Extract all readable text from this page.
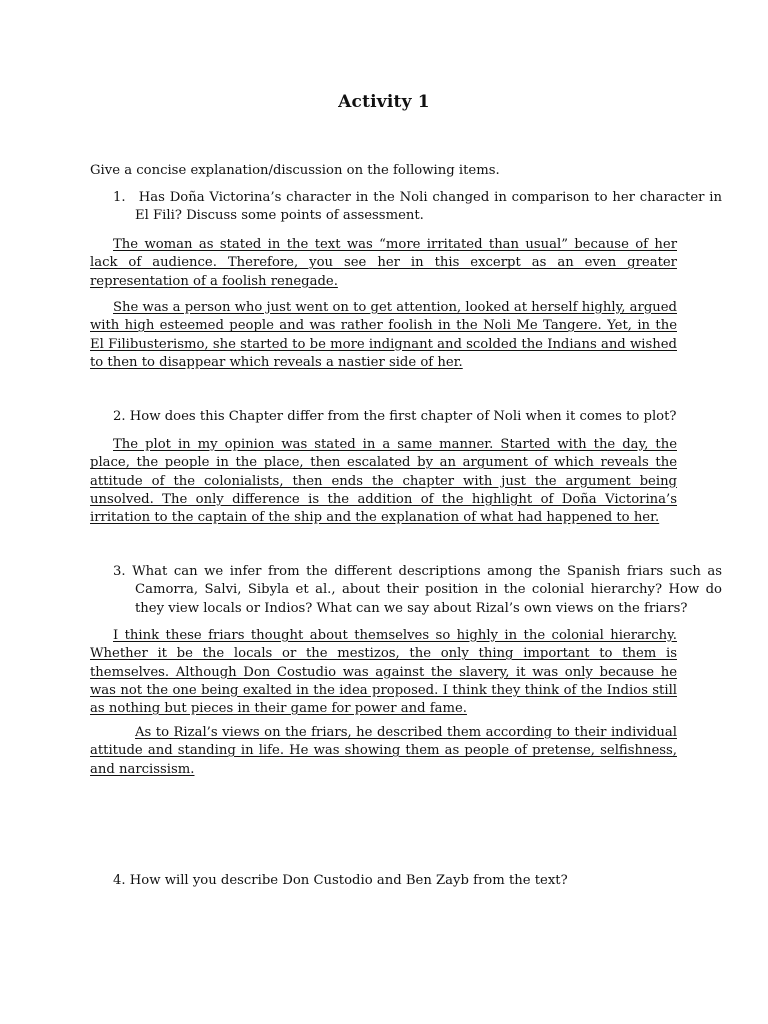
Activity 1
Give a concise explanation/discussion on the following items.
1. Has Doña Victorina’s character in the Noli changed in comparison to her character in El Fili? Discuss some points of assessment.
The woman as stated in the text was “more irritated than usual” because of her lack of audience. Therefore, you see her in this excerpt as an even greater representation of a foolish renegade.
She was a person who just went on to get attention, looked at herself highly, argued with high esteemed people and was rather foolish in the Noli Me Tangere. Yet, in the El Filibusterismo, she started to be more indignant and scolded the Indians and wished to then to disappear which reveals a nastier side of her.
2. How does this Chapter differ from the first chapter of Noli when it comes to plot?
The plot in my opinion was stated in a same manner. Started with the day, the place, the people in the place, then escalated by an argument of which reveals the attitude of the colonialists, then ends the chapter with just the argument being unsolved. The only difference is the addition of the highlight of Doña Victorina’s irritation to the captain of the ship and the explanation of what had happened to her.
3. What can we infer from the different descriptions among the Spanish friars such as Camorra, Salvi, Sibyla et al., about their position in the colonial hierarchy? How do they view locals or Indios? What can we say about Rizal’s own views on the friars?
I think these friars thought about themselves so highly in the colonial hierarchy. Whether it be the locals or the mestizos, the only thing important to them is themselves. Although Don Costudio was against the slavery, it was only because he was not the one being exalted in the idea proposed. I think they think of the Indios still as nothing but pieces in their game for power and fame.
As to Rizal’s views on the friars, he described them according to their individual attitude and standing in life. He was showing them as people of pretense, selfishness, and narcissism.
4. How will you describe Don Custodio and Ben Zayb from the text?
